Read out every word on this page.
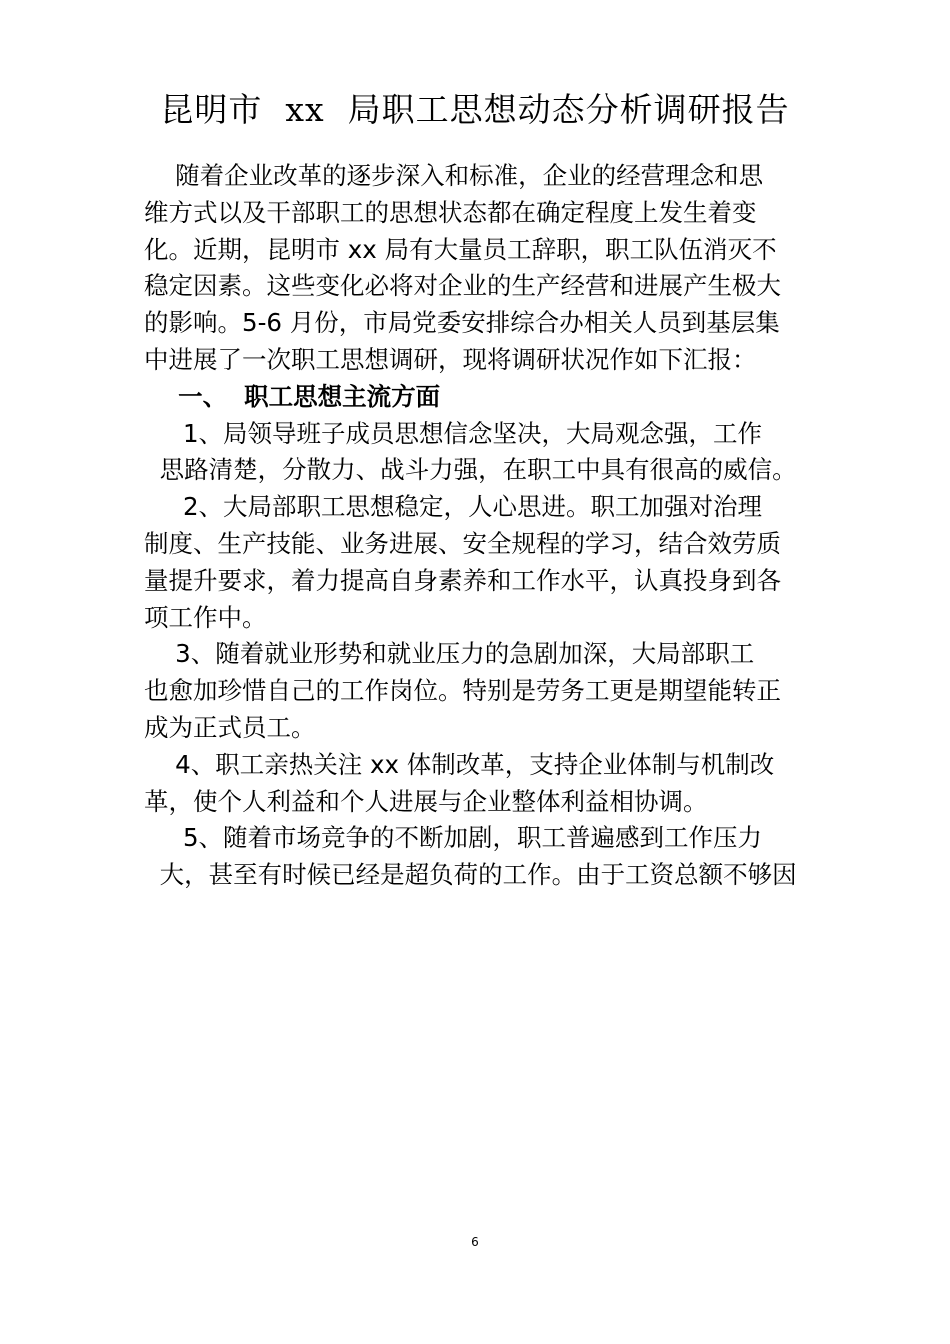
昆明市  xx  局职工思想动态分析调研报告
随着企业改革的逐步深入和标准，企业的经营理念和思
维方式以及干部职工的思想状态都在确定程度上发生着变
化。近期，昆明市 xx 局有大量员工辞职，职工队伍消灭不
稳定因素。这些变化必将对企业的生产经营和进展产生极大
的影响。5-6 月份，市局党委安排综合办相关人员到基层集
中进展了一次职工思想调研，现将调研状况作如下汇报：
一、  职工思想主流方面
1、局领导班子成员思想信念坚决，大局观念强，工作
思路清楚，分散力、战斗力强，在职工中具有很高的威信。
2、大局部职工思想稳定，人心思进。职工加强对治理
制度、生产技能、业务进展、安全规程的学习，结合效劳质
量提升要求，着力提高自身素养和工作水平，认真投身到各
项工作中。
3、随着就业形势和就业压力的急剧加深，大局部职工
也愈加珍惜自己的工作岗位。特别是劳务工更是期望能转正
成为正式员工。
4、职工亲热关注 xx 体制改革，支持企业体制与机制改
革，使个人利益和个人进展与企业整体利益相协调。
5、随着市场竞争的不断加剧，职工普遍感到工作压力
大，甚至有时候已经是超负荷的工作。由于工资总额不够因
6
